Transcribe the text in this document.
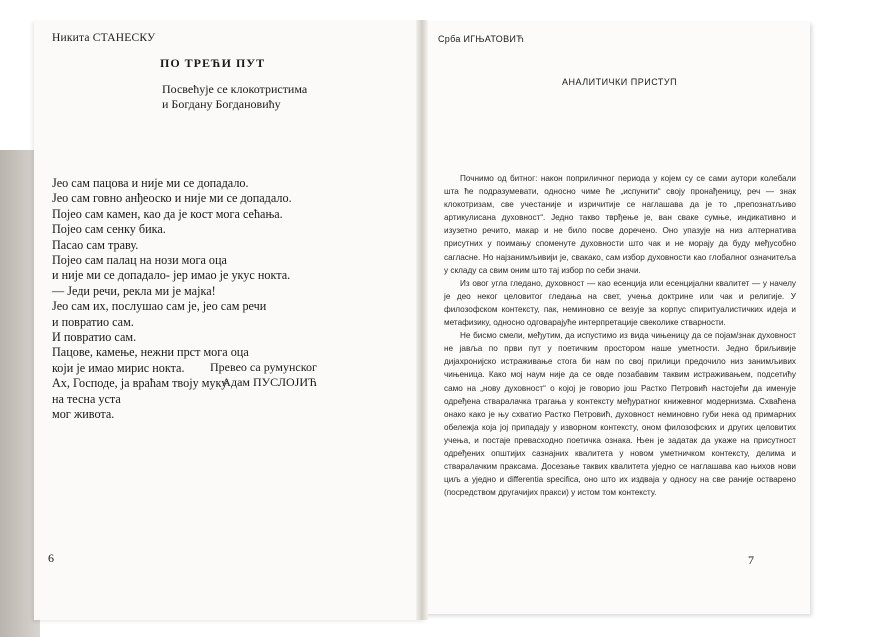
Никита СТАНЕСКУ
ПО ТРЕЋИ ПУТ
Посвећује се клокотристима
и Богдану Богдановићу
Јео сам пацова и није ми се допадало.
Јео сам говно анђеоско и није ми се допадало.
Појео сам камен, као да је кост мога сећања.
Појео сам сенку бика.
Пасао сам траву.
Појео сам палац на нози мога оца
и није ми се допадало- јер имао је укус нокта.
— Једи речи, рекла ми је мајка!
Јео сам их, послушао сам је, јео сам речи
и повратио сам.
И повратио сам.
Пацове, камење, нежни прст мога оца
који је имао мирис нокта.
Ах, Господе, ја враћам твоју муку
на тесна уста
мог живота.
Превео са румунског
Адам ПУСЛОЈИЋ
6
Срба ИГЊАТОВИЋ
АНАЛИТИЧКИ ПРИСТУП

Почнимо од битног: након поприличног периода у којем су се сами аутори колебали шта ће подразумевати, односно чиме ће „испунити“ своју пронађеницу, реч — знак клокотризам, све учестаније и изричитије се наглашава да је то „препознатљиво артикулисана духовност“. Једно такво тврђење је, ван сваке сумње, индикативно и изузетно речито, макар и не било посве доречено. Оно упазује на низ алтернатива присутних у поимању споменуте духовности што чак и не морају да буду међусобно сагласне. Но најзанимљивији је, свакако, сам избор духовности као глобалног означитеља у складу са свим оним што тај избор по себи значи.

Из овог угла гледано, духовност — као есенција или есенцијални квалитет — у начелу је део неког целовитог гледања на свет, учења доктрине или чак и религије. У филозофском контексту, пак, неминовно се везује за корпус спиритуалистичких идеја и метафизику, односно одговарајуће интерпретације свеколике стварности.

Не бисмо смели, међутим, да испустимо из вида чињеницу да се појам/знак духовност не јавља по први пут у поетичким простором наше уметности. Једно бриљивије дијахронијско истраживање стога би нам по свој прилици предочило низ занимљивих чињеница. Како мој наум није да се овде позабавим таквим истраживањем, подсетићу само на „нову духовност“ о којој је говорио још Растко Петровић настојећи да именује одређена стваралачка трагања у контексту међуратног книжевног модернизма. Схваћена онако како је њу схватио Растко Петровић, духовност неминовно губи нека од примарних обележја која јој припадају у изворном контексту, оном филозофских и других целовитих учења, и постаје превасходно поетичка ознака. Њен је задатак да укаже на присутност одређених општијих сазнајних квалитета у новом уметничком контексту, делима и стваралачким праксама. Досезање таквих квалитета уједно се наглашава као њихов нови циљ а уједно и differentia specifica, оно што их издваја у односу на све раније остварено (посредством другачијих пракси) у истом том контексту.

7
